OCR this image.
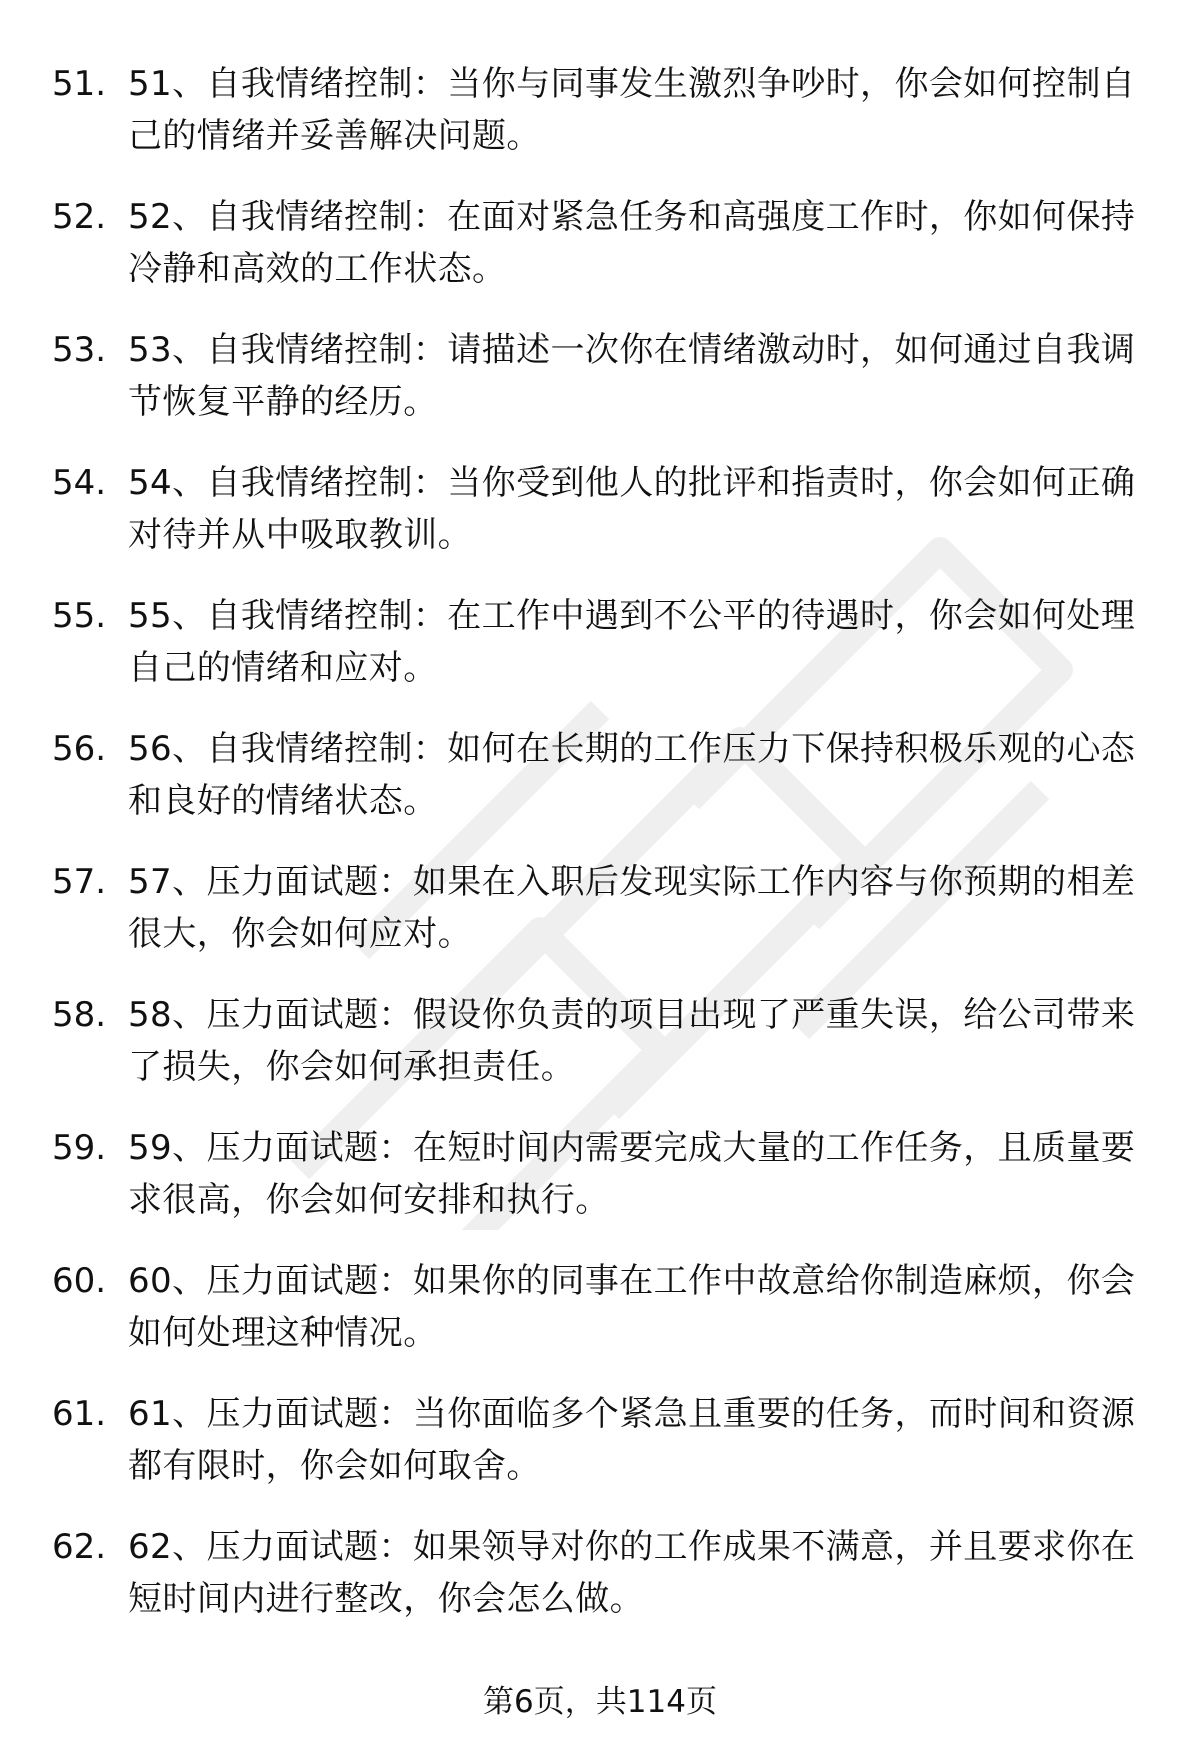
51. 51、自我情绪控制：当你与同事发生激烈争吵时，你会如何控制自己的情绪并妥善解决问题。
52. 52、自我情绪控制：在面对紧急任务和高强度工作时，你如何保持冷静和高效的工作状态。
53. 53、自我情绪控制：请描述一次你在情绪激动时，如何通过自我调节恢复平静的经历。
54. 54、自我情绪控制：当你受到他人的批评和指责时，你会如何正确对待并从中吸取教训。
55. 55、自我情绪控制：在工作中遇到不公平的待遇时，你会如何处理自己的情绪和应对。
56. 56、自我情绪控制：如何在长期的工作压力下保持积极乐观的心态和良好的情绪状态。
57. 57、压力面试题：如果在入职后发现实际工作内容与你预期的相差很大，你会如何应对。
58. 58、压力面试题：假设你负责的项目出现了严重失误，给公司带来了损失，你会如何承担责任。
59. 59、压力面试题：在短时间内需要完成大量的工作任务，且质量要求很高，你会如何安排和执行。
60. 60、压力面试题：如果你的同事在工作中故意给你制造麻烦，你会如何处理这种情况。
61. 61、压力面试题：当你面临多个紧急且重要的任务，而时间和资源都有限时，你会如何取舍。
62. 62、压力面试题：如果领导对你的工作成果不满意，并且要求你在短时间内进行整改，你会怎么做。
第6页，共114页
